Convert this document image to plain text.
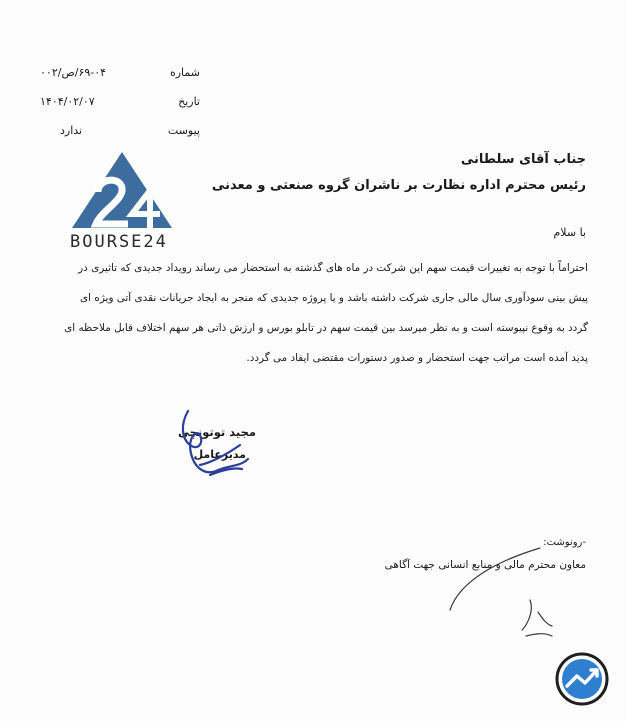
شماره
۶۹-۰۴/ص/۰۰۲
تاریخ
۱۴۰۴/۰۲/۰۷
پیوست
ندارد
BOURSE24
جناب آقای سلطانی
رئیس محترم اداره نظارت بر ناشران گروه صنعتی و معدنی
با سلام
احتراماً با توجه به تغییرات قیمت سهم این شرکت در ماه های گذشته به استحضار می رساند رویداد جدیدی که تاثیری در
پیش بینی سودآوری سال مالی جاری شرکت داشته باشد و یا پروژه جدیدی که منجر به ایجاد جریانات نقدی آتی ویژه ای
گردد به وقوع نپیوسته است و به نظر میرسد بین قیمت سهم در تابلو بورس و ارزش ذاتی هر سهم اختلاف قابل ملاحظه ای
پدید آمده است مراتب جهت استحضار و صدور دستورات مقتضی ایفاد می گردد.
مجید توتونچی
مدیرعامل
-رونوشت:
معاون محترم مالی و منابع انسانی جهت آگاهی
